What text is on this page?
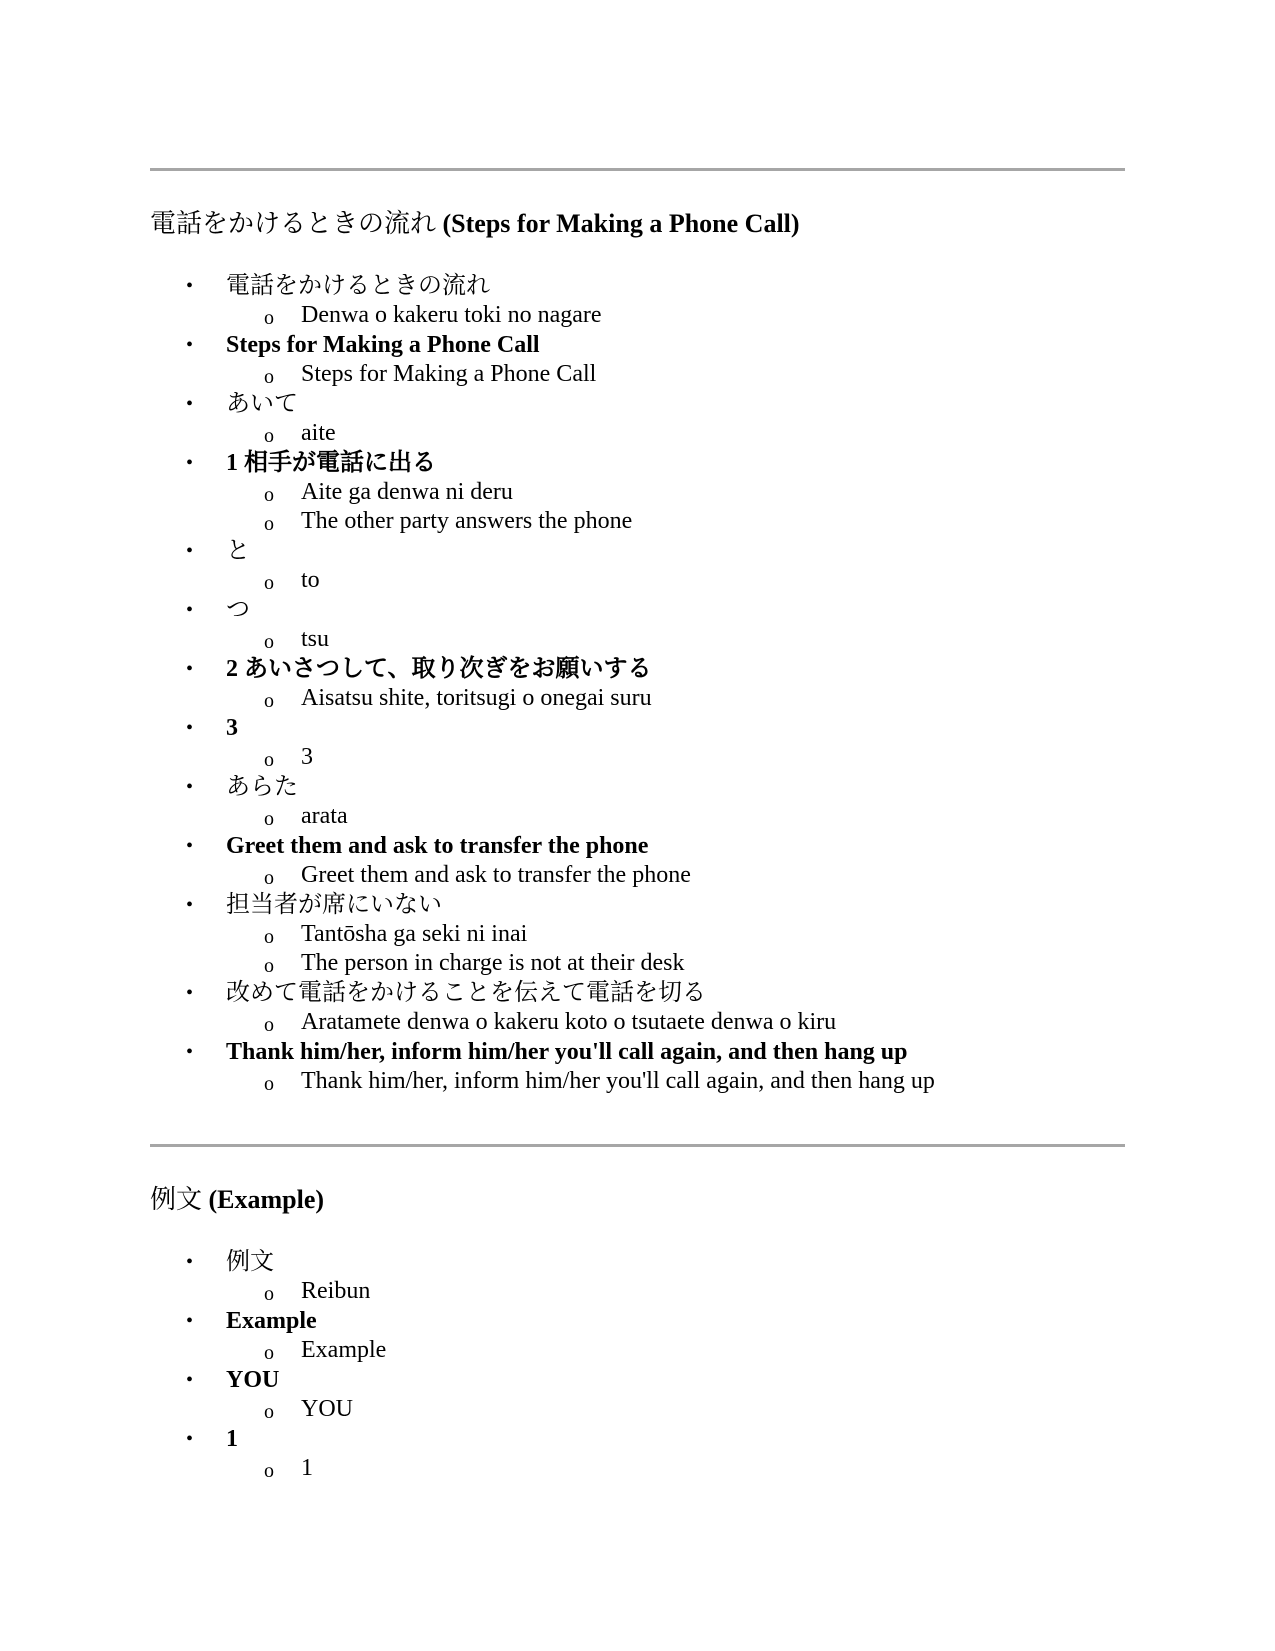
電話をかけるときの流れ (Steps for Making a Phone Call)
• 電話をかけるときの流れ
o Denwa o kakeru toki no nagare
• Steps for Making a Phone Call
o Steps for Making a Phone Call
• あいて
o aite
• 1 相手が電話に出る
o Aite ga denwa ni deru
o The other party answers the phone
• と
o to
• つ
o tsu
• 2 あいさつして、取り次ぎをお願いする
o Aisatsu shite, toritsugi o onegai suru
• 3
o 3
• あらた
o arata
• Greet them and ask to transfer the phone
o Greet them and ask to transfer the phone
• 担当者が席にいない
o Tantōsha ga seki ni inai
o The person in charge is not at their desk
• 改めて電話をかけることを伝えて電話を切る
o Aratamete denwa o kakeru koto o tsutaete denwa o kiru
• Thank him/her, inform him/her you'll call again, and then hang up
o Thank him/her, inform him/her you'll call again, and then hang up
例文 (Example)
• 例文
o Reibun
• Example
o Example
• YOU
o YOU
• 1
o 1
